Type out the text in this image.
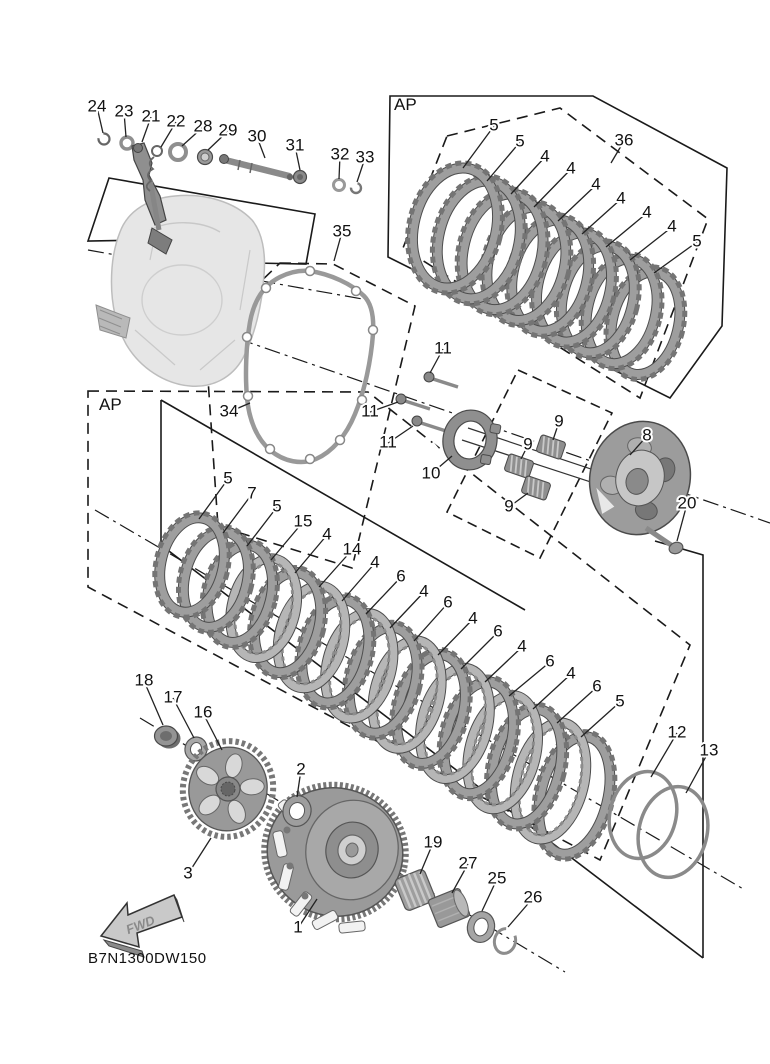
FWD
AP
AP
B7N1300DW150
24 23 21 22 28 29 30 31 32 33
35
36
5
5
4
4
4
4
4
4
5
34
11
11
11
10
9
9
9
8
20
5
7
5
15
4
14
4
6
4
6
4
6
4
6
4
6
5
12
13
18
17
16
3
2
1
19
27
25
26
